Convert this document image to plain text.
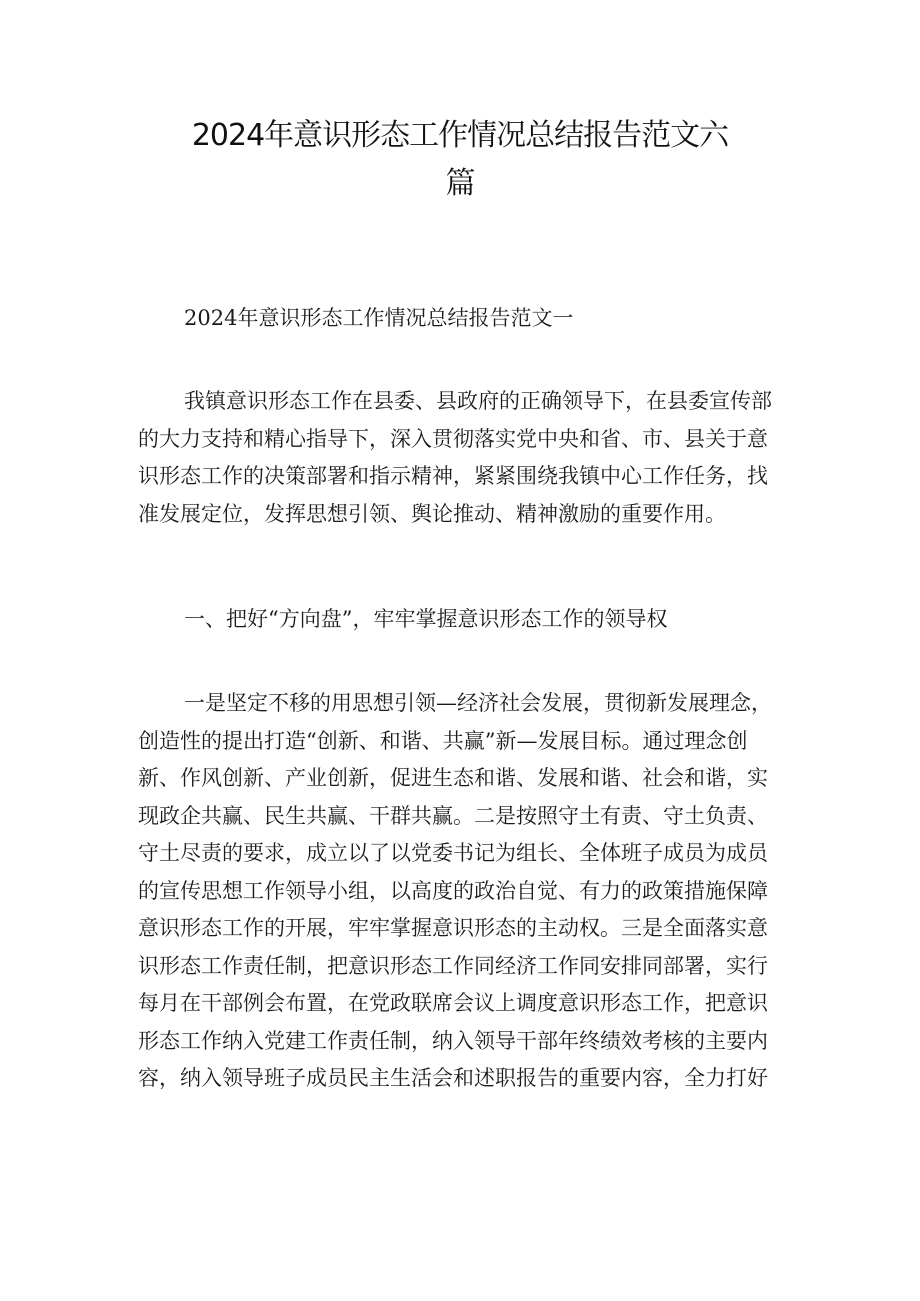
2024年意识形态工作情况总结报告范文六
篇
2024年意识形态工作情况总结报告范文一
我镇意识形态工作在县委、县政府的正确领导下，在县委宣传部
的大力支持和精心指导下，深入贯彻落实党中央和省、市、县关于意
识形态工作的决策部署和指示精神，紧紧围绕我镇中心工作任务，找
准发展定位，发挥思想引领、舆论推动、精神激励的重要作用。
一、把好“方向盘”，牢牢掌握意识形态工作的领导权
一是坚定不移的用思想引领—经济社会发展，贯彻新发展理念，
创造性的提出打造“创新、和谐、共赢”新—发展目标。通过理念创
新、作风创新、产业创新，促进生态和谐、发展和谐、社会和谐，实
现政企共赢、民生共赢、干群共赢。二是按照守土有责、守土负责、
守土尽责的要求，成立以了以党委书记为组长、全体班子成员为成员
的宣传思想工作领导小组，以高度的政治自觉、有力的政策措施保障
意识形态工作的开展，牢牢掌握意识形态的主动权。三是全面落实意
识形态工作责任制，把意识形态工作同经济工作同安排同部署，实行
每月在干部例会布置，在党政联席会议上调度意识形态工作，把意识
形态工作纳入党建工作责任制，纳入领导干部年终绩效考核的主要内
容，纳入领导班子成员民主生活会和述职报告的重要内容，全力打好
